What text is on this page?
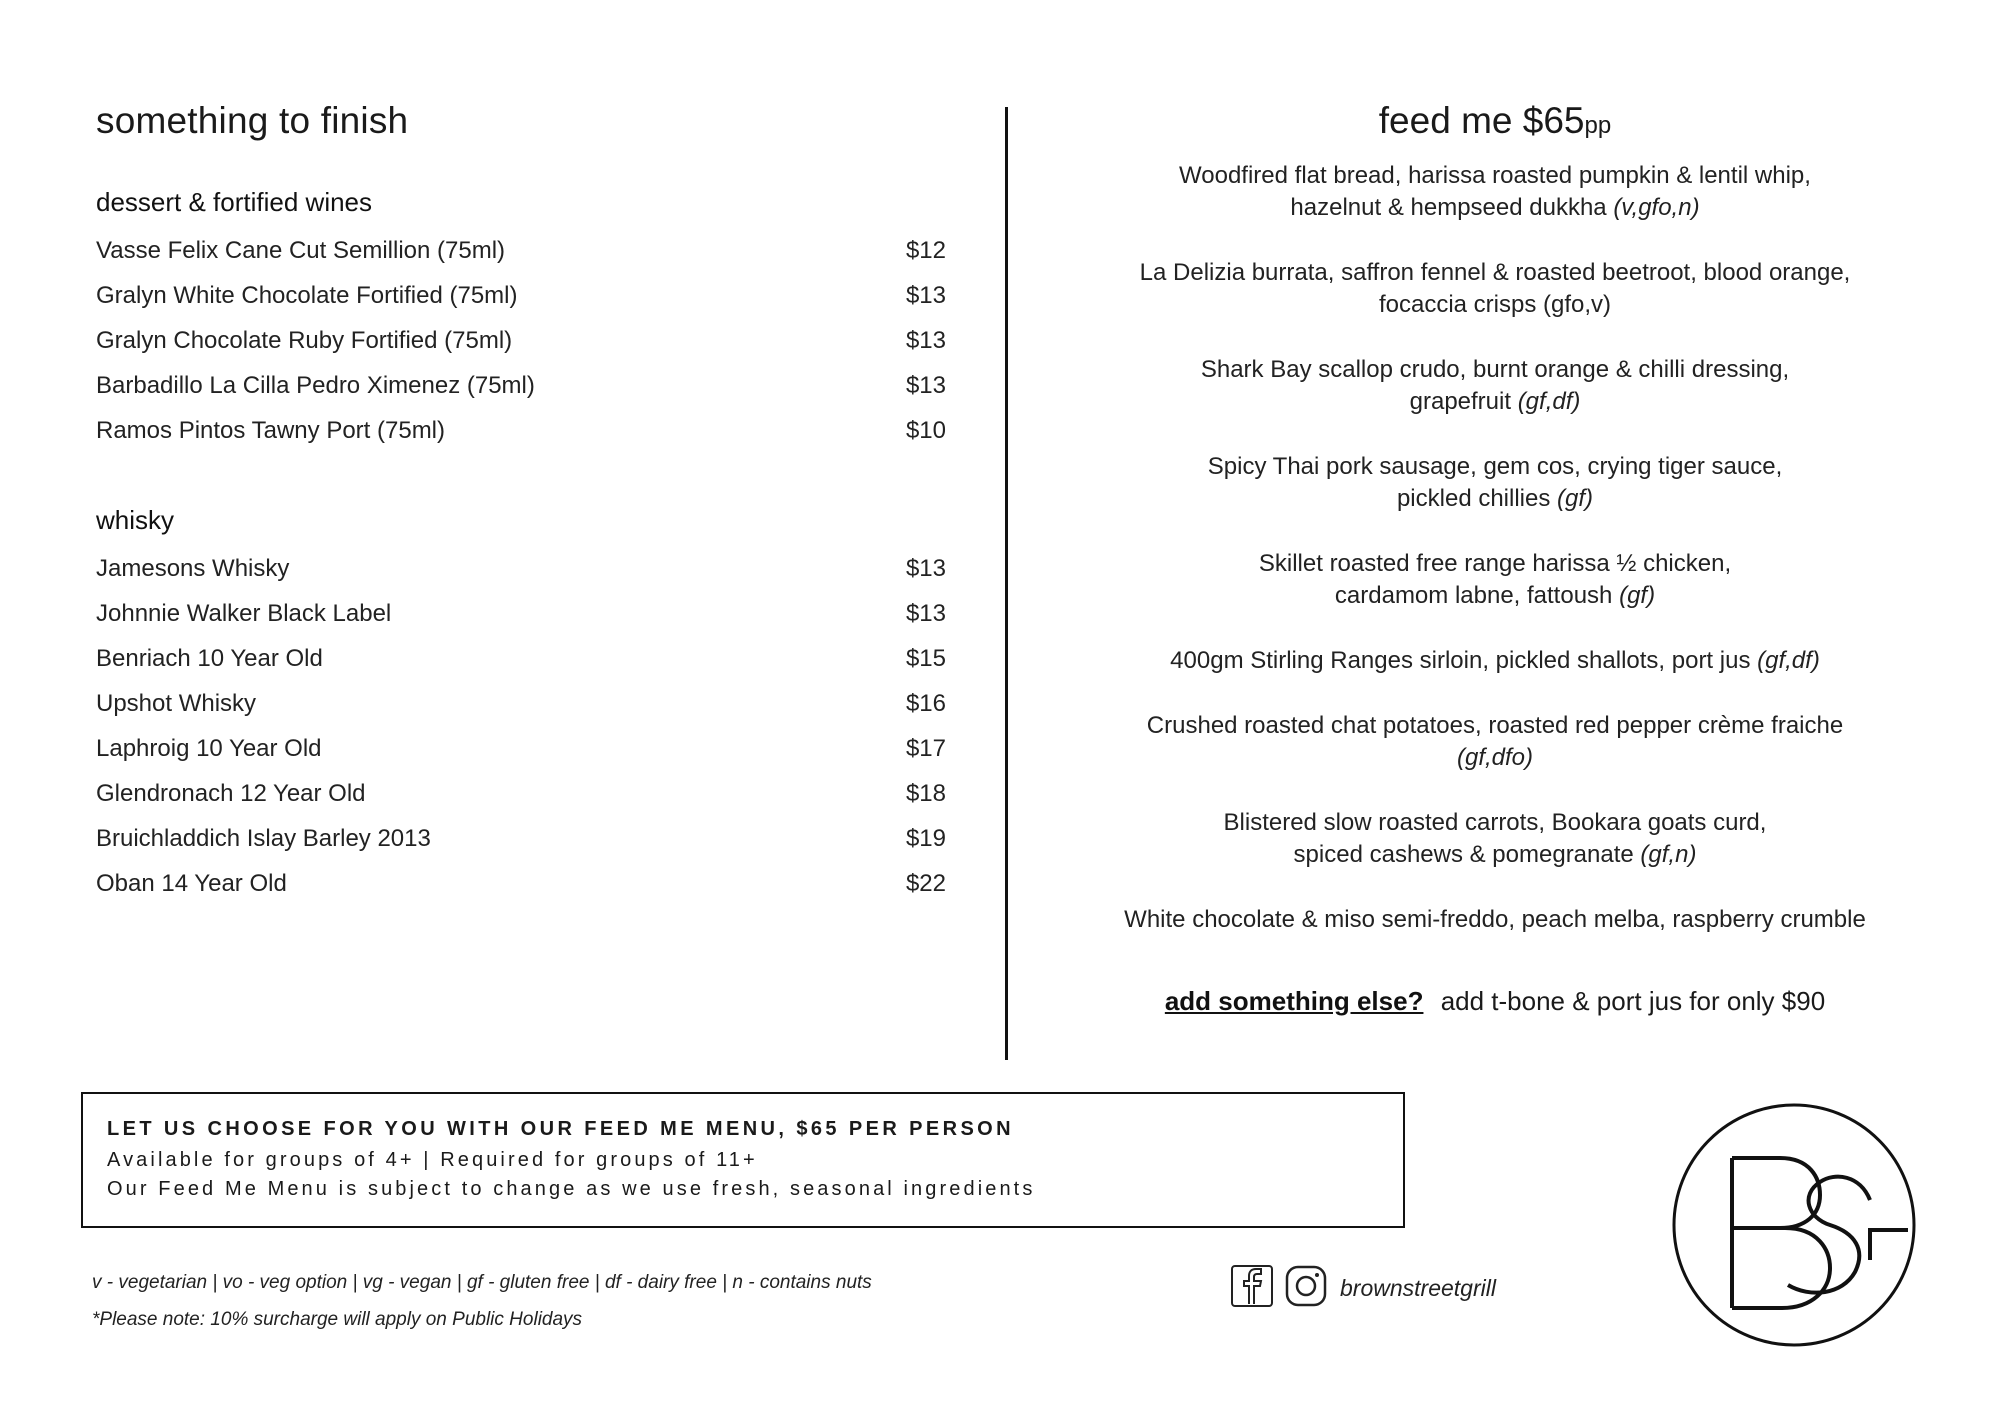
something to finish
dessert & fortified wines
Vasse Felix Cane Cut Semillion (75ml)	$12
Gralyn White Chocolate Fortified (75ml)	$13
Gralyn Chocolate Ruby Fortified (75ml)	$13
Barbadillo La Cilla Pedro Ximenez (75ml)	$13
Ramos Pintos Tawny Port (75ml)	$10
whisky
Jamesons Whisky	$13
Johnnie Walker Black Label	$13
Benriach 10 Year Old	$15
Upshot Whisky	$16
Laphroig 10 Year Old	$17
Glendronach 12 Year Old	$18
Bruichladdich Islay Barley 2013	$19
Oban 14 Year Old	$22
feed me $65pp
Woodfired flat bread, harissa roasted pumpkin & lentil whip,
hazelnut & hempseed dukkha (v,gfo,n)
La Delizia burrata, saffron fennel & roasted beetroot, blood orange,
focaccia crisps (gfo,v)
Shark Bay scallop crudo, burnt orange & chilli dressing,
grapefruit (gf,df)
Spicy Thai pork sausage, gem cos, crying tiger sauce,
pickled chillies (gf)
Skillet roasted free range harissa ½ chicken,
cardamom labne, fattoush (gf)
400gm Stirling Ranges sirloin, pickled shallots, port jus (gf,df)
Crushed roasted chat potatoes, roasted red pepper crème fraiche
(gf,dfo)
Blistered slow roasted carrots, Bookara goats curd,
spiced cashews & pomegranate (gf,n)
White chocolate & miso semi-freddo, peach melba, raspberry crumble
add something else? add t-bone & port jus for only $90
LET US CHOOSE FOR YOU WITH OUR FEED ME MENU, $65 PER PERSON
Available for groups of 4+ | Required for groups of 11+
Our Feed Me Menu is subject to change as we use fresh, seasonal ingredients
v - vegetarian | vo - veg option | vg - vegan | gf - gluten free | df - dairy free | n - contains nuts
*Please note: 10% surcharge will apply on Public Holidays
brownstreetgrill
